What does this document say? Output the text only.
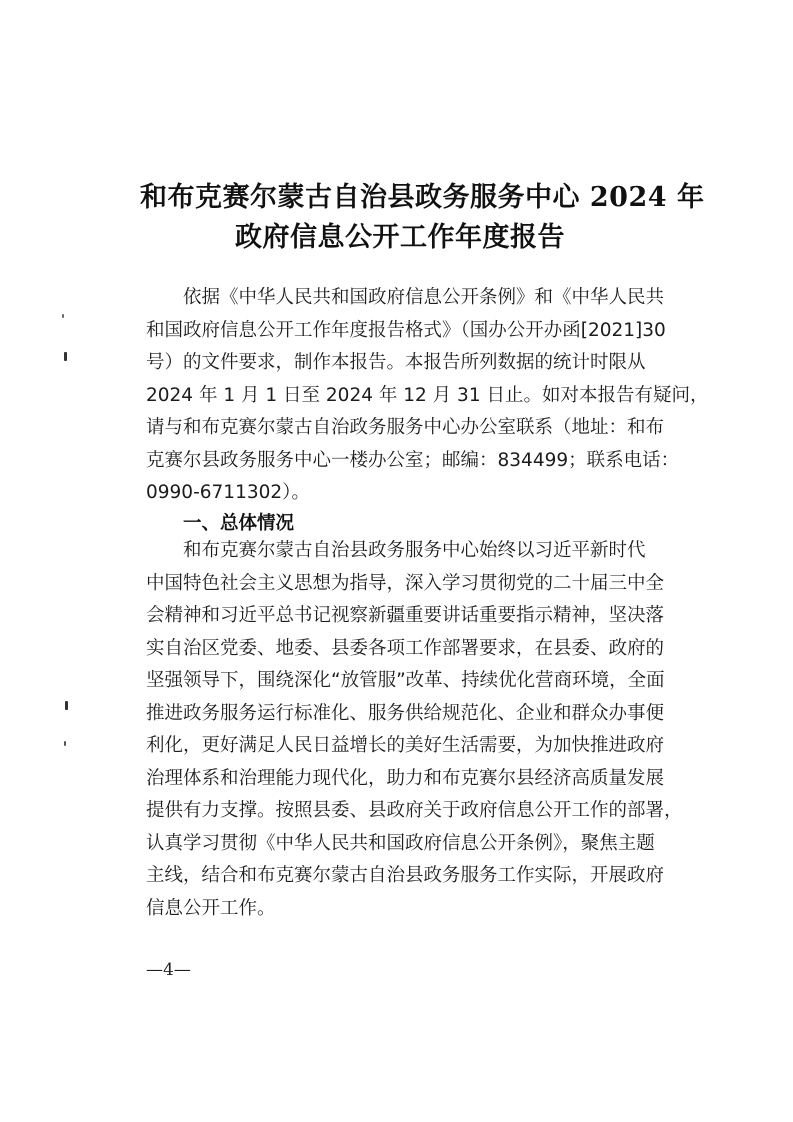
和布克赛尔蒙古自治县政务服务中心 2024 年
政府信息公开工作年度报告
　　依据《中华人民共和国政府信息公开条例》和《中华人民共
和国政府信息公开工作年度报告格式》（国办公开办函[2021]30
号）的文件要求，制作本报告。本报告所列数据的统计时限从
2024 年 1 月 1 日至 2024 年 12 月 31 日止。如对本报告有疑问，
请与和布克赛尔蒙古自治政务服务中心办公室联系（地址：和布
克赛尔县政务服务中心一楼办公室；邮编：834499；联系电话：
0990-6711302）。
一、总体情况
　　和布克赛尔蒙古自治县政务服务中心始终以习近平新时代
中国特色社会主义思想为指导，深入学习贯彻党的二十届三中全
会精神和习近平总书记视察新疆重要讲话重要指示精神，坚决落
实自治区党委、地委、县委各项工作部署要求，在县委、政府的
坚强领导下，围绕深化“放管服”改革、持续优化营商环境，全面
推进政务服务运行标准化、服务供给规范化、企业和群众办事便
利化，更好满足人民日益增长的美好生活需要，为加快推进政府
治理体系和治理能力现代化，助力和布克赛尔县经济高质量发展
提供有力支撑。按照县委、县政府关于政府信息公开工作的部署，
认真学习贯彻《中华人民共和国政府信息公开条例》，聚焦主题
主线，结合和布克赛尔蒙古自治县政务服务工作实际，开展政府
信息公开工作。
—4—
